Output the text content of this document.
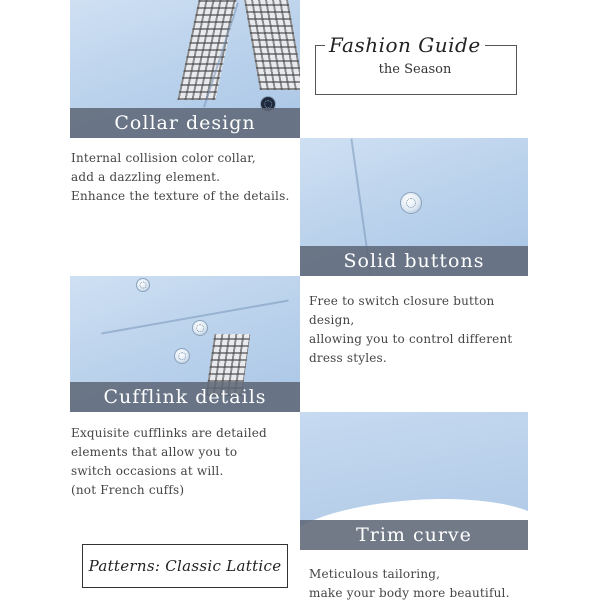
Collar design
Fashion Guide
the Season
Internal collision color collar,
add a dazzling element.
Enhance the texture of the details.
Solid buttons
Free to switch closure button
design,
allowing you to control different
dress styles.
Cufflink details
Exquisite cufflinks are detailed
elements that allow you to
switch occasions at will.
(not French cuffs)
Trim curve
Patterns: Classic Lattice	Meticulous tailoring,
make your body more beautiful.
